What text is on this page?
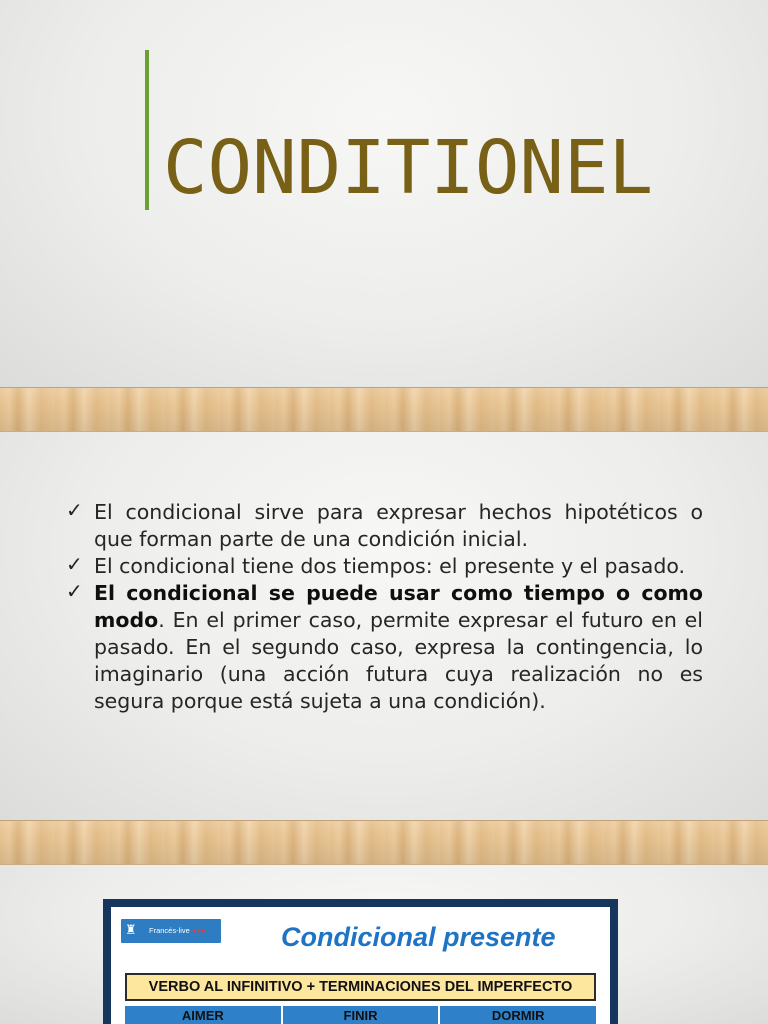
CONDITIONEL
✓ El condicional sirve para expresar hechos hipotéticos o que forman parte de una condición inicial.
✓ El condicional tiene dos tiempos: el presente y el pasado.
✓ El condicional se puede usar como tiempo o como modo. En el primer caso, permite expresar el futuro en el pasado. En el segundo caso, expresa la contingencia, lo imaginario (una acción futura cuya realización no es segura porque está sujeta a una condición).
♜ Francés-live ●●●	Condicional presente
VERBO AL INFINITIVO + TERMINACIONES DEL IMPERFECTO
AIMER	FINIR	DORMIR
